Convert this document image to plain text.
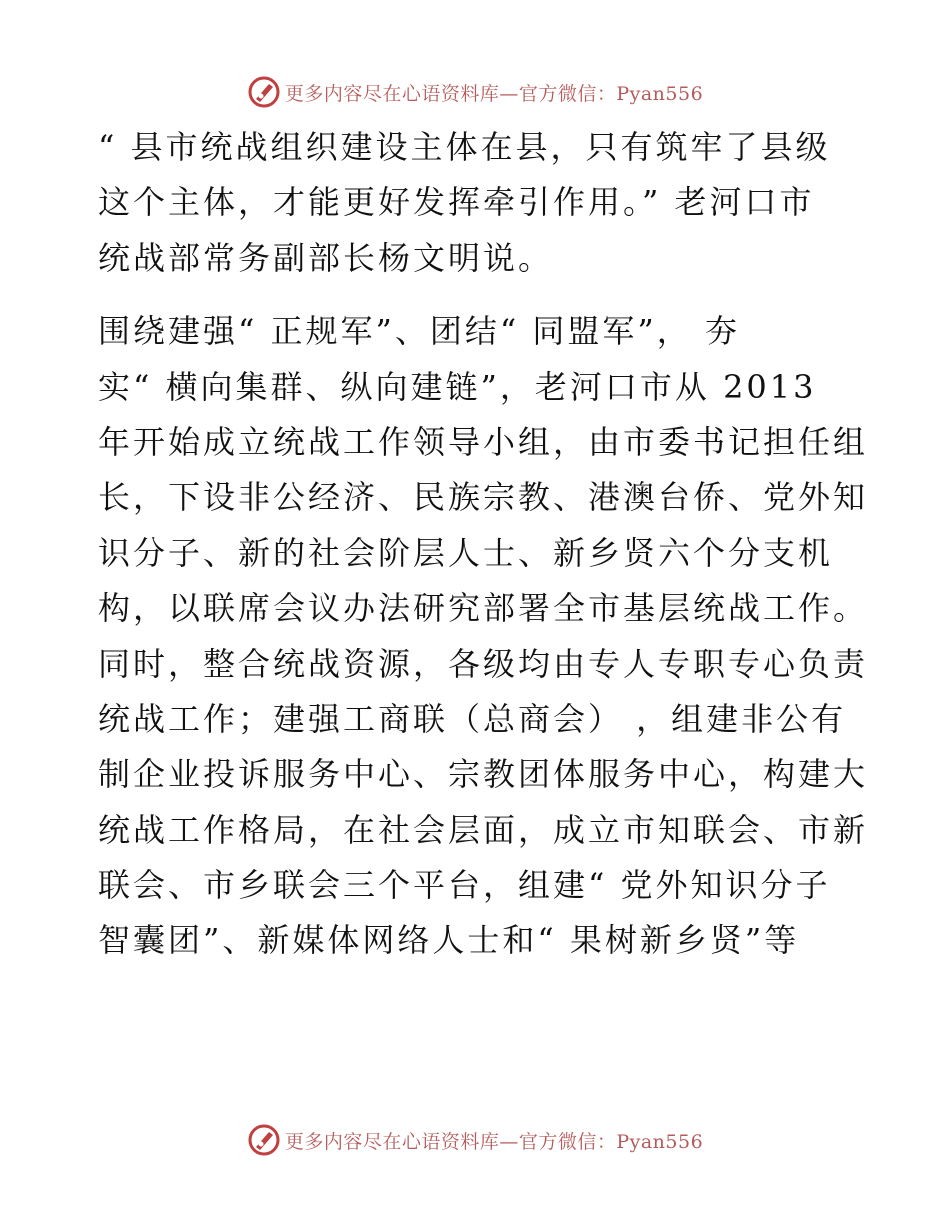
更多内容尽在心语资料库—官方微信：Pyan556
“ 县市统战组织建设主体在县，只有筑牢了县级
这个主体，才能更好发挥牵引作用。” 老河口市
统战部常务副部长杨文明说。
围绕建强“ 正规军”、团结“ 同盟军”， 夯
实“ 横向集群、纵向建链”，老河口市从 2013
年开始成立统战工作领导小组，由市委书记担任组
长，下设非公经济、民族宗教、港澳台侨、党外知
识分子、新的社会阶层人士、新乡贤六个分支机
构，以联席会议办法研究部署全市基层统战工作。
同时，整合统战资源，各级均由专人专职专心负责
统战工作；建强工商联（总商会） ，组建非公有
制企业投诉服务中心、宗教团体服务中心，构建大
统战工作格局，在社会层面，成立市知联会、市新
联会、市乡联会三个平台，组建“ 党外知识分子
智囊团”、新媒体网络人士和“ 果树新乡贤”等
更多内容尽在心语资料库—官方微信：Pyan556
